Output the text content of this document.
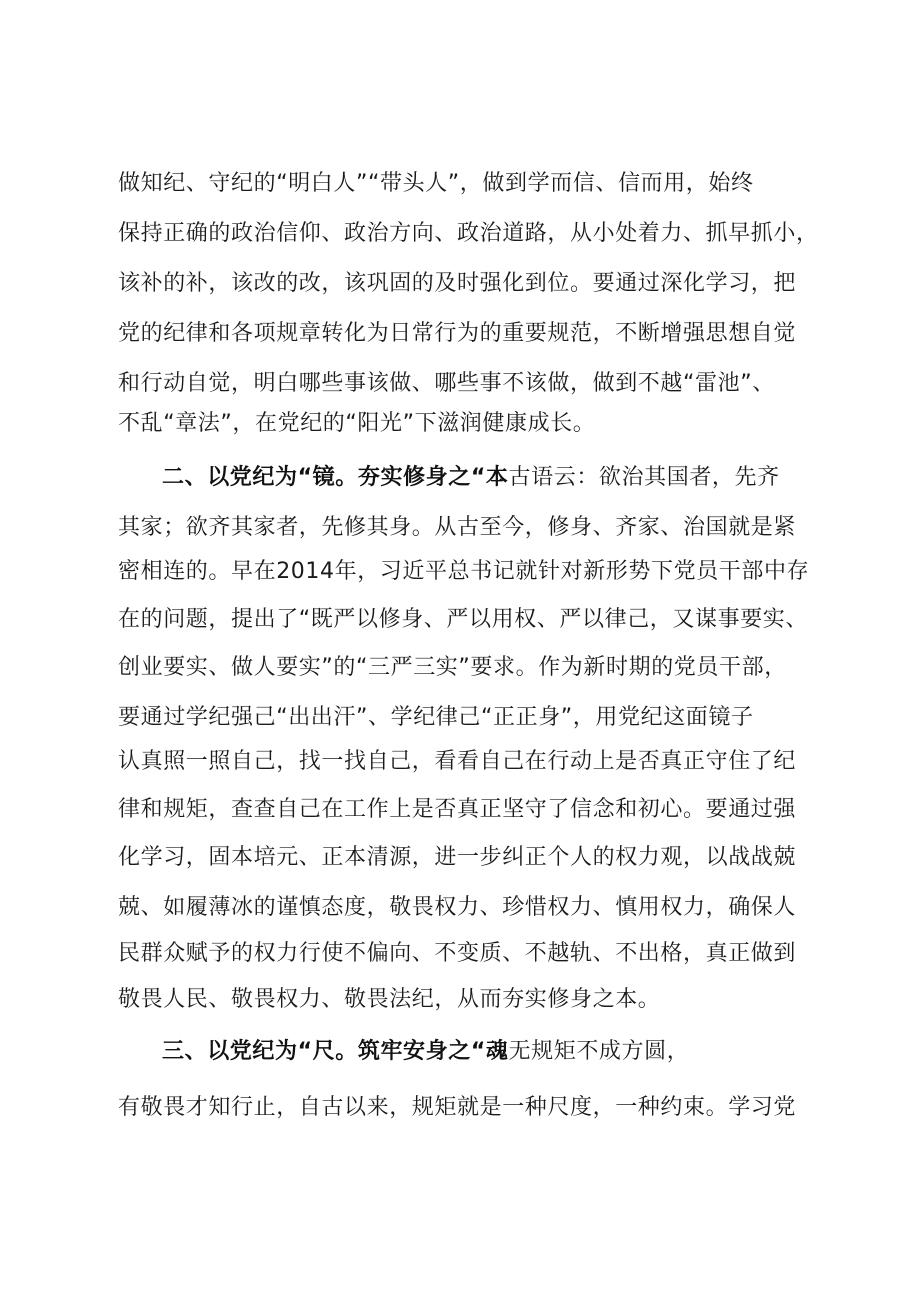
做知纪、守纪的“明白人”“带头人”，做到学而信、信而用，始终
保持正确的政治信仰、政治方向、政治道路，从小处着力、抓早抓小，
该补的补，该改的改，该巩固的及时强化到位。要通过深化学习，把
党的纪律和各项规章转化为日常行为的重要规范，不断增强思想自觉
和行动自觉，明白哪些事该做、哪些事不该做，做到不越“雷池”、
不乱“章法”，在党纪的“阳光”下滋润健康成长。
二、以党纪为“镜。夯实修身之“本古语云：欲治其国者，先齐
其家；欲齐其家者，先修其身。从古至今，修身、齐家、治国就是紧
密相连的。早在2014年，习近平总书记就针对新形势下党员干部中存
在的问题，提出了“既严以修身、严以用权、严以律己，又谋事要实、
创业要实、做人要实”的“三严三实”要求。作为新时期的党员干部，
要通过学纪强己“出出汗”、学纪律己“正正身”，用党纪这面镜子
认真照一照自己，找一找自己，看看自己在行动上是否真正守住了纪
律和规矩，查查自己在工作上是否真正坚守了信念和初心。要通过强
化学习，固本培元、正本清源，进一步纠正个人的权力观，以战战兢
兢、如履薄冰的谨慎态度，敬畏权力、珍惜权力、慎用权力，确保人
民群众赋予的权力行使不偏向、不变质、不越轨、不出格，真正做到
敬畏人民、敬畏权力、敬畏法纪，从而夯实修身之本。
三、以党纪为“尺。筑牢安身之“魂无规矩不成方圆，
有敬畏才知行止，自古以来，规矩就是一种尺度，一种约束。学习党
